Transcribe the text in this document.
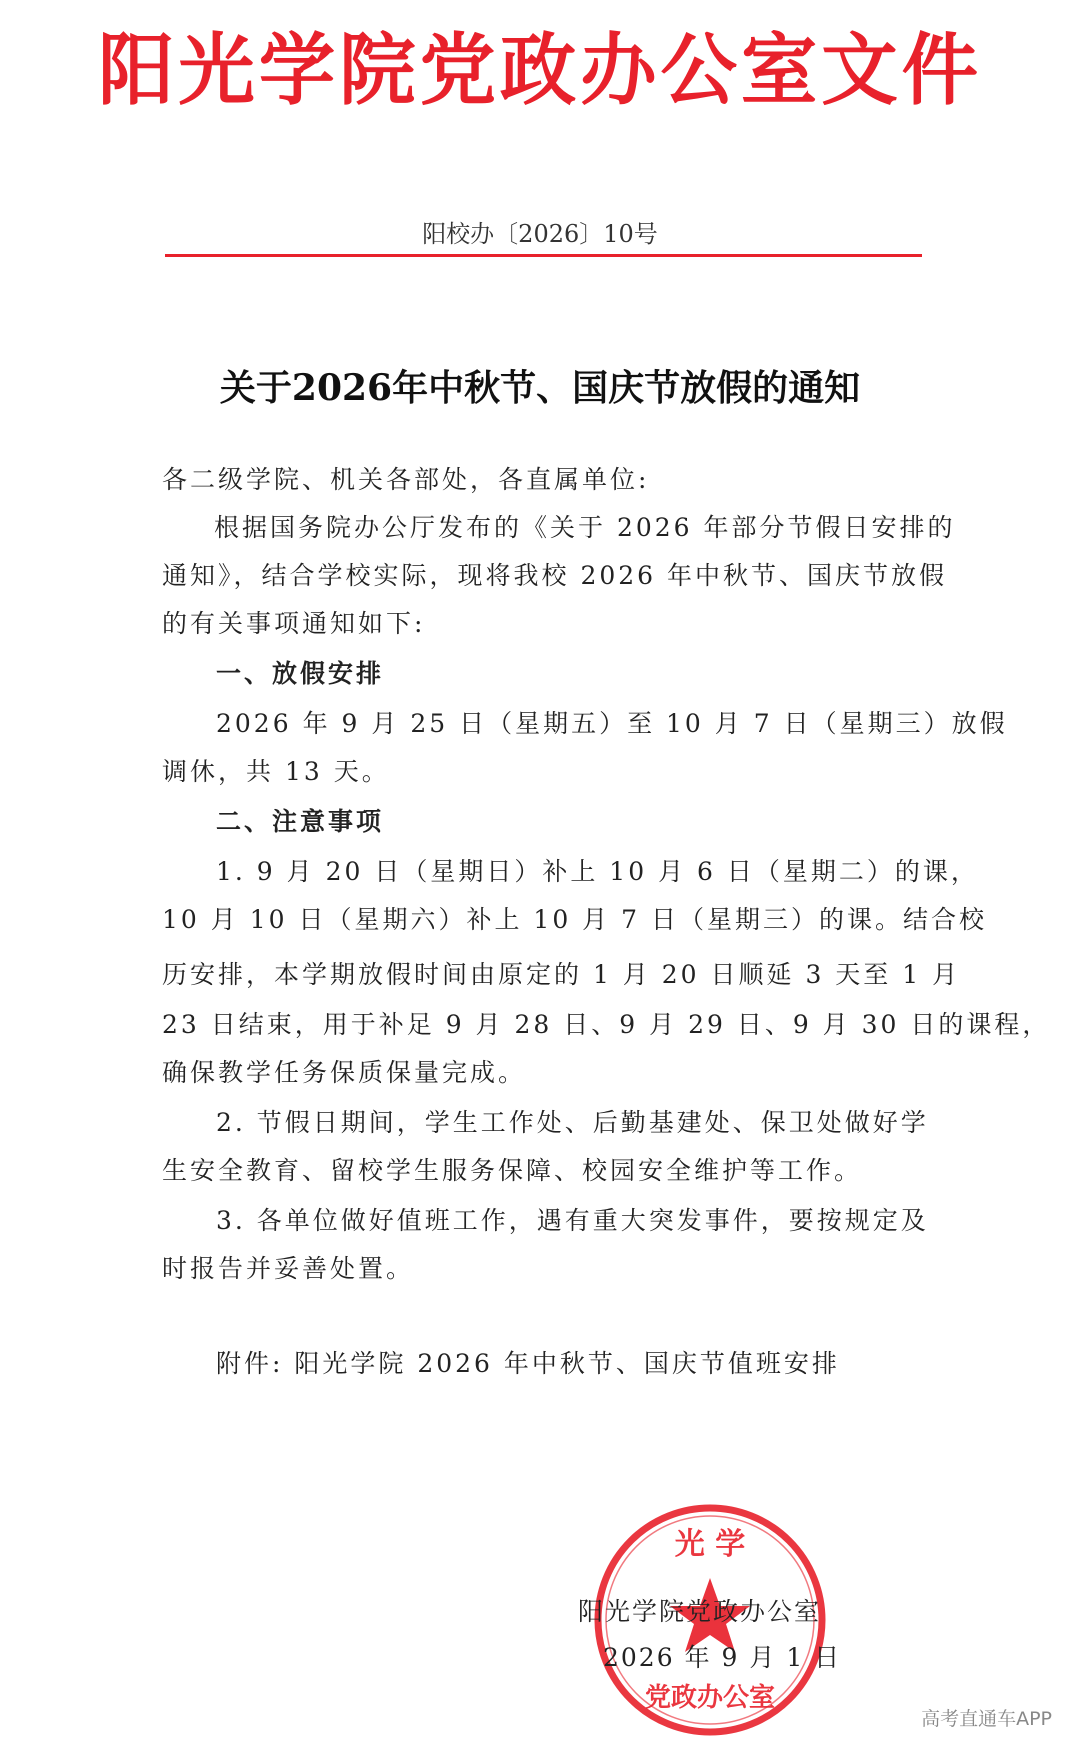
阳光学院党政办公室文件
阳校办〔2026〕10号
关于2026年中秋节、国庆节放假的通知
各二级学院、机关各部处，各直属单位:
根据国务院办公厅发布的《关于 2026 年部分节假日安排的
通知》，结合学校实际，现将我校 2026 年中秋节、国庆节放假
的有关事项通知如下:
一、放假安排
2026 年 9 月 25 日（星期五）至 10 月 7 日（星期三）放假
调休，共 13 天。
二、注意事项
1. 9 月 20 日（星期日）补上 10 月 6 日（星期二）的课，
10 月 10 日（星期六）补上 10 月 7 日（星期三）的课。结合校
历安排，本学期放假时间由原定的 1 月 20 日顺延 3 天至 1 月
23 日结束，用于补足 9 月 28 日、9 月 29 日、9 月 30 日的课程，
确保教学任务保质保量完成。
2. 节假日期间，学生工作处、后勤基建处、保卫处做好学
生安全教育、留校学生服务保障、校园安全维护等工作。
3. 各单位做好值班工作，遇有重大突发事件，要按规定及
时报告并妥善处置。
附件: 阳光学院 2026 年中秋节、国庆节值班安排
光 学
党政办公室
阳光学院党政办公室
2026 年 9 月 1 日
高考直通车APP
